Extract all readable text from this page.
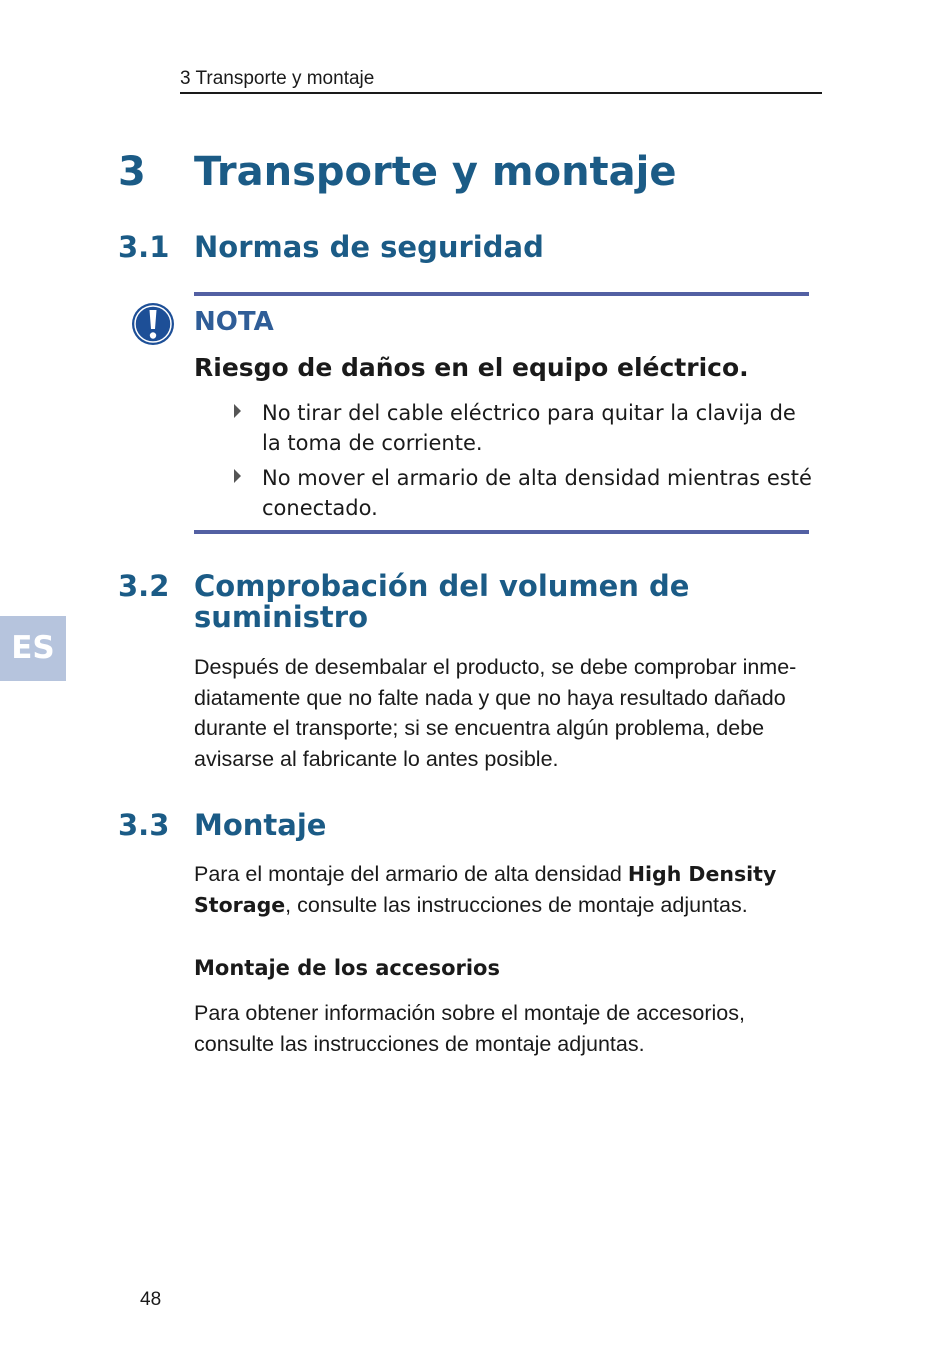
3 Transporte y montaje
3 Transporte y montaje
3.1 Normas de seguridad
NOTA
Riesgo de daños en el equipo eléctrico.
No tirar del cable eléctrico para quitar la clavija de la toma de corriente.
No mover el armario de alta densidad mientras esté conectado.
3.2 Comprobación del volumen de suministro
ES
Después de desembalar el producto, se debe comprobar inme-diatamente que no falte nada y que no haya resultado dañado durante el transporte; si se encuentra algún problema, debe avisarse al fabricante lo antes posible.
3.3 Montaje
Para el montaje del armario de alta densidad High Density Storage, consulte las instrucciones de montaje adjuntas.
Montaje de los accesorios
Para obtener información sobre el montaje de accesorios, consulte las instrucciones de montaje adjuntas.
48
